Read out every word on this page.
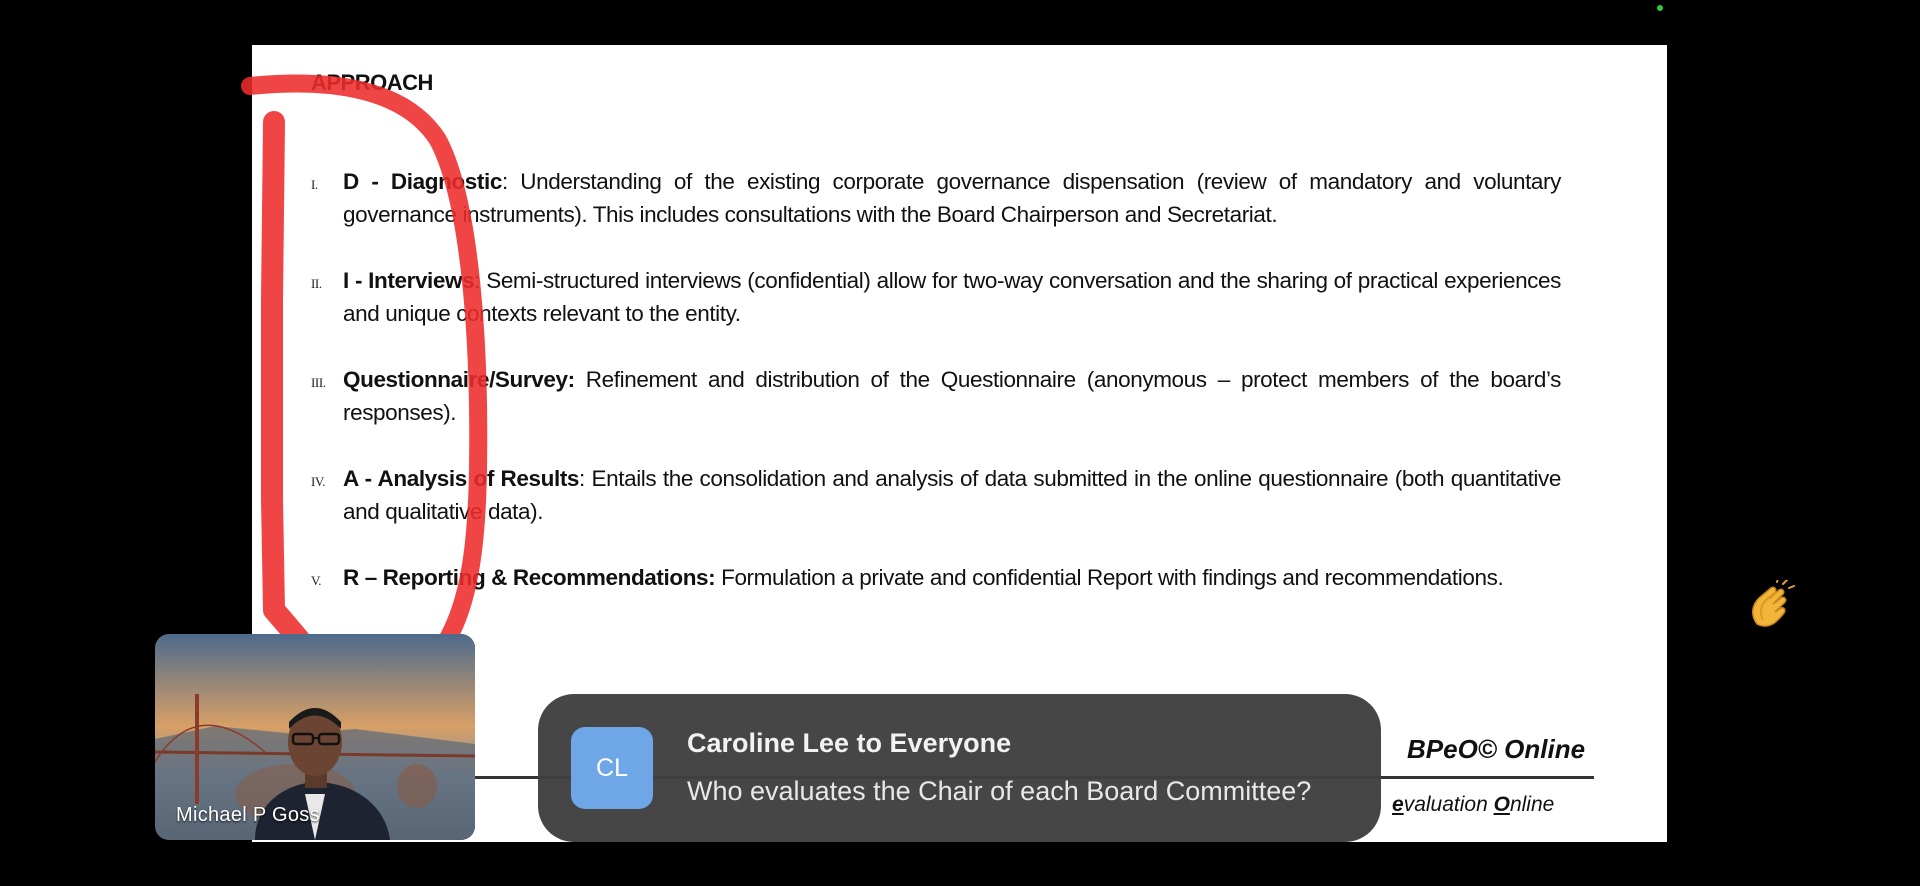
APPROACH
I. D - Diagnostic: Understanding of the existing corporate governance dispensation (review of mandatory and voluntary governance instruments). This includes consultations with the Board Chairperson and Secretariat.
II. I - Interviews: Semi-structured interviews (confidential) allow for two-way conversation and the sharing of practical experiences and unique contexts relevant to the entity.
III. Questionnaire/Survey: Refinement and distribution of the Questionnaire (anonymous – protect members of the board’s responses).
IV. A - Analysis of Results: Entails the consolidation and analysis of data submitted in the online questionnaire (both quantitative and qualitative data).
V. R – Reporting & Recommendations: Formulation a private and confidential Report with findings and recommendations.
BPeO© Online
evaluation Online
Michael P Goss
CL
Caroline Lee to Everyone
Who evaluates the Chair of each Board Committee?
